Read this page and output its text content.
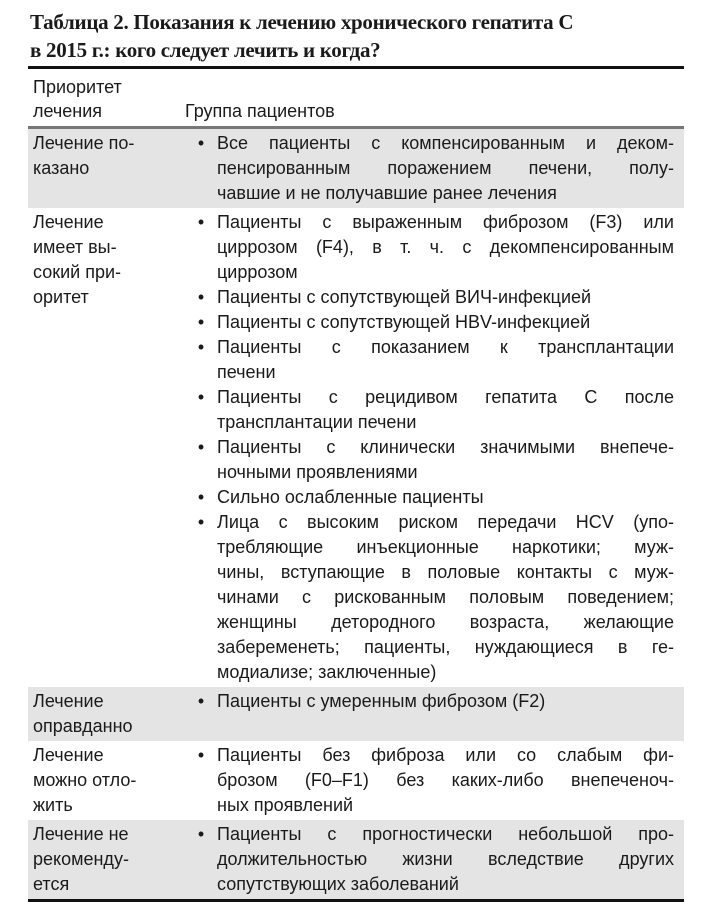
Таблица 2. Показания к лечению хронического гепатита С
в 2015 г.: кого следует лечить и когда?
Приоритет
лечения	Группа пациентов
Лечение по-
казано
• Все пациенты с компенсированным и деком-
пенсированным поражением печени, полу-
чавшие и не получавшие ранее лечения
Лечение
имеет вы-
сокий при-
оритет
• Пациенты с выраженным фиброзом (F3) или
циррозом (F4), в т. ч. с декомпенсированным
циррозом
• Пациенты с сопутствующей ВИЧ-инфекцией
• Пациенты с сопутствующей HBV-инфекцией
• Пациенты с показанием к трансплантации
печени
• Пациенты с рецидивом гепатита С после
трансплантации печени
• Пациенты с клинически значимыми внепече-
ночными проявлениями
• Сильно ослабленные пациенты
• Лица с высоким риском передачи HCV (упо-
требляющие инъекционные наркотики; муж-
чины, вступающие в половые контакты с муж-
чинами с рискованным половым поведением;
женщины детородного возраста, желающие
забеременеть; пациенты, нуждающиеся в ге-
модиализе; заключенные)
Лечение
оправданно
• Пациенты с умеренным фиброзом (F2)
Лечение
можно отло-
жить
• Пациенты без фиброза или со слабым фи-
брозом (F0–F1) без каких-либо внепеченоч-
ных проявлений
Лечение не
рекоменду-
ется
• Пациенты с прогностически небольшой про-
должительностью жизни вследствие других
сопутствующих заболеваний
